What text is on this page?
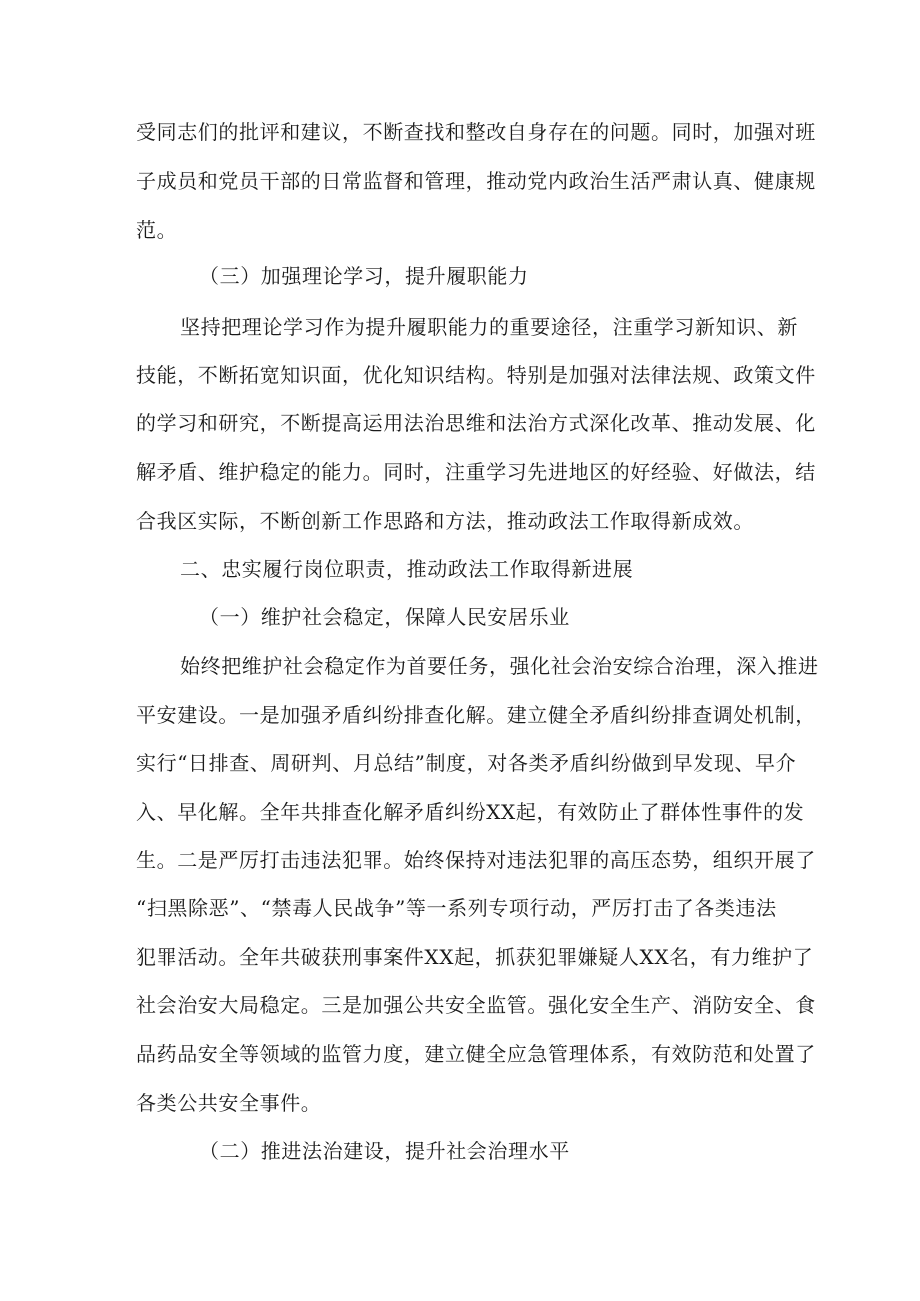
受同志们的批评和建议，不断查找和整改自身存在的问题。同时，加强对班
子成员和党员干部的日常监督和管理，推动党内政治生活严肃认真、健康规
范。
（三）加强理论学习，提升履职能力
坚持把理论学习作为提升履职能力的重要途径，注重学习新知识、新
技能，不断拓宽知识面，优化知识结构。特别是加强对法律法规、政策文件
的学习和研究，不断提高运用法治思维和法治方式深化改革、推动发展、化
解矛盾、维护稳定的能力。同时，注重学习先进地区的好经验、好做法，结
合我区实际，不断创新工作思路和方法，推动政法工作取得新成效。
二、忠实履行岗位职责，推动政法工作取得新进展
（一）维护社会稳定，保障人民安居乐业
始终把维护社会稳定作为首要任务，强化社会治安综合治理，深入推进
平安建设。一是加强矛盾纠纷排查化解。建立健全矛盾纠纷排查调处机制，
实行“日排查、周研判、月总结”制度，对各类矛盾纠纷做到早发现、早介
入、早化解。全年共排查化解矛盾纠纷XX起，有效防止了群体性事件的发
生。二是严厉打击违法犯罪。始终保持对违法犯罪的高压态势，组织开展了
“扫黑除恶”、“禁毒人民战争”等一系列专项行动，严厉打击了各类违法
犯罪活动。全年共破获刑事案件XX起，抓获犯罪嫌疑人XX名，有力维护了
社会治安大局稳定。三是加强公共安全监管。强化安全生产、消防安全、食
品药品安全等领域的监管力度，建立健全应急管理体系，有效防范和处置了
各类公共安全事件。
（二）推进法治建设，提升社会治理水平
